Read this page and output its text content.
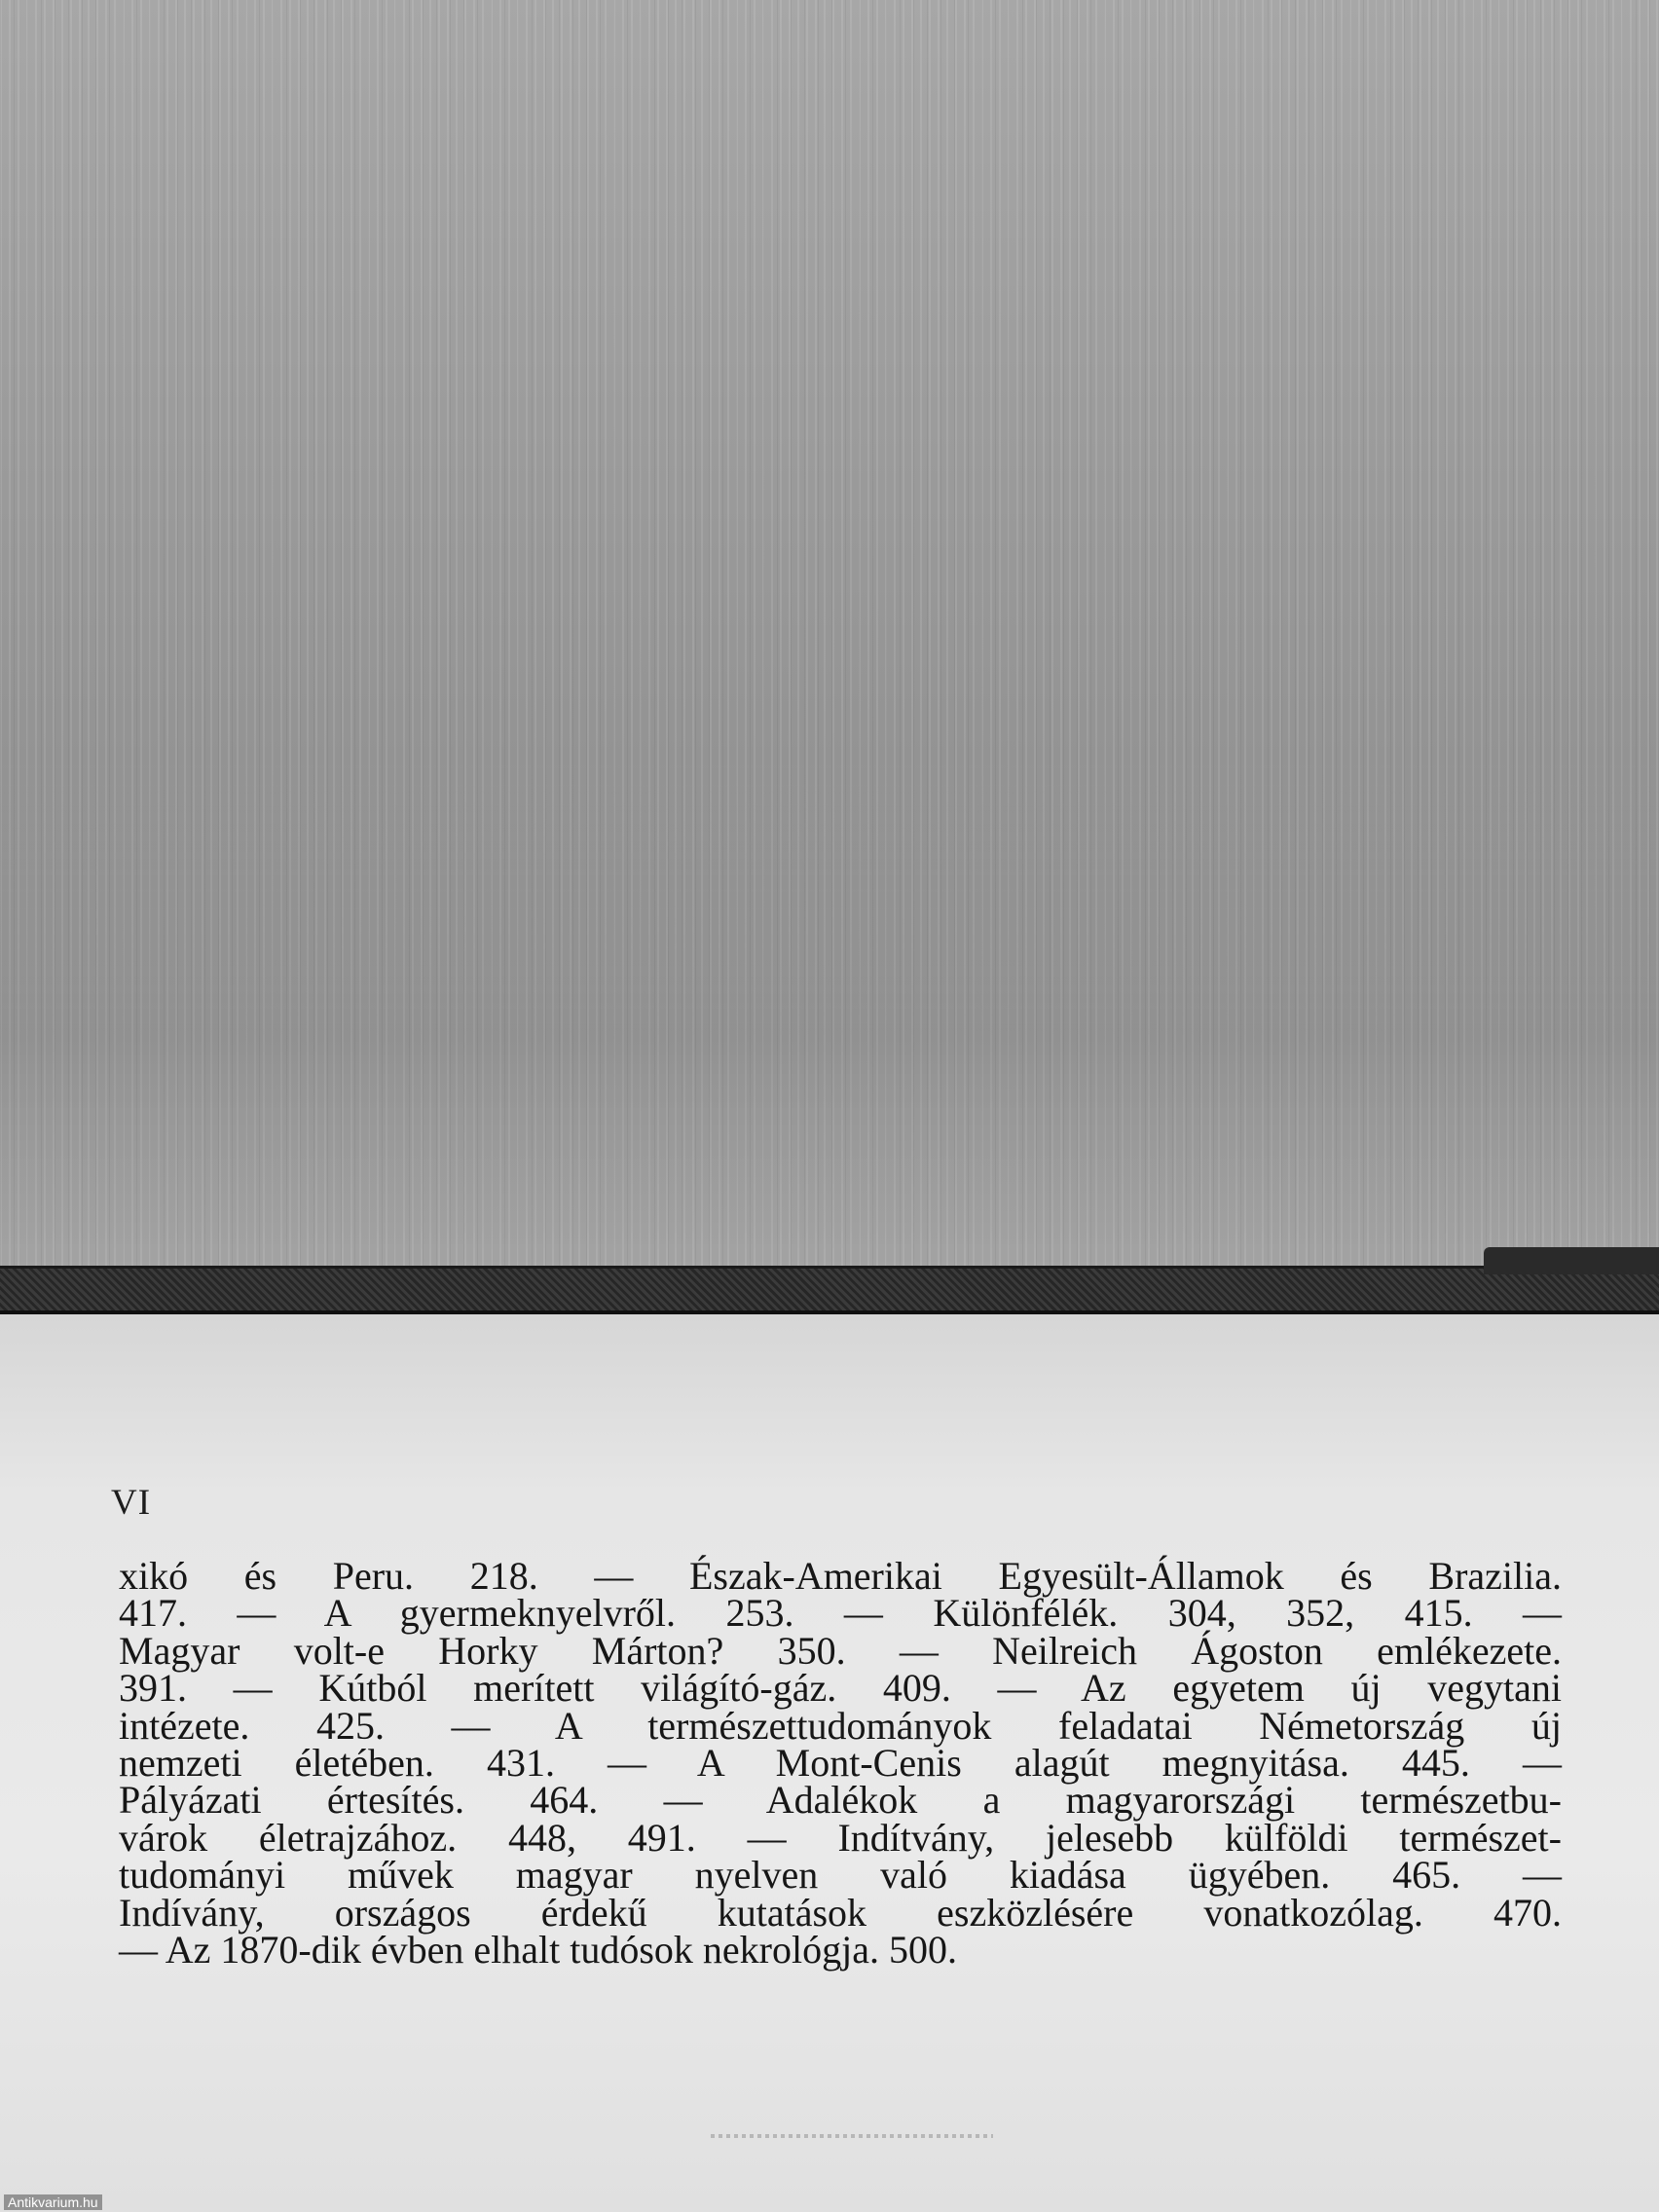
VI
xikó és Peru. 218. — Észak-Amerikai Egyesült-Államok és Brazilia.
417. — A gyermeknyelvről. 253. — Különfélék. 304, 352, 415. —
Magyar volt-e Horky Márton? 350. — Neilreich Ágoston emlékezete.
391. — Kútból merített világító-gáz. 409. — Az egyetem új vegytani
intézete. 425. — A természettudományok feladatai Németország új
nemzeti életében. 431. — A Mont-Cenis alagút megnyitása. 445. —
Pályázati értesítés. 464. — Adalékok a magyarországi természetbu-
várok életrajzához. 448, 491. — Indítvány, jelesebb külföldi természet-
tudományi művek magyar nyelven való kiadása ügyében. 465. —
Indívány, országos érdekű kutatások eszközlésére vonatkozólag. 470.
— Az 1870-dik évben elhalt tudósok nekrológja. 500.
Antikvarium.hu
